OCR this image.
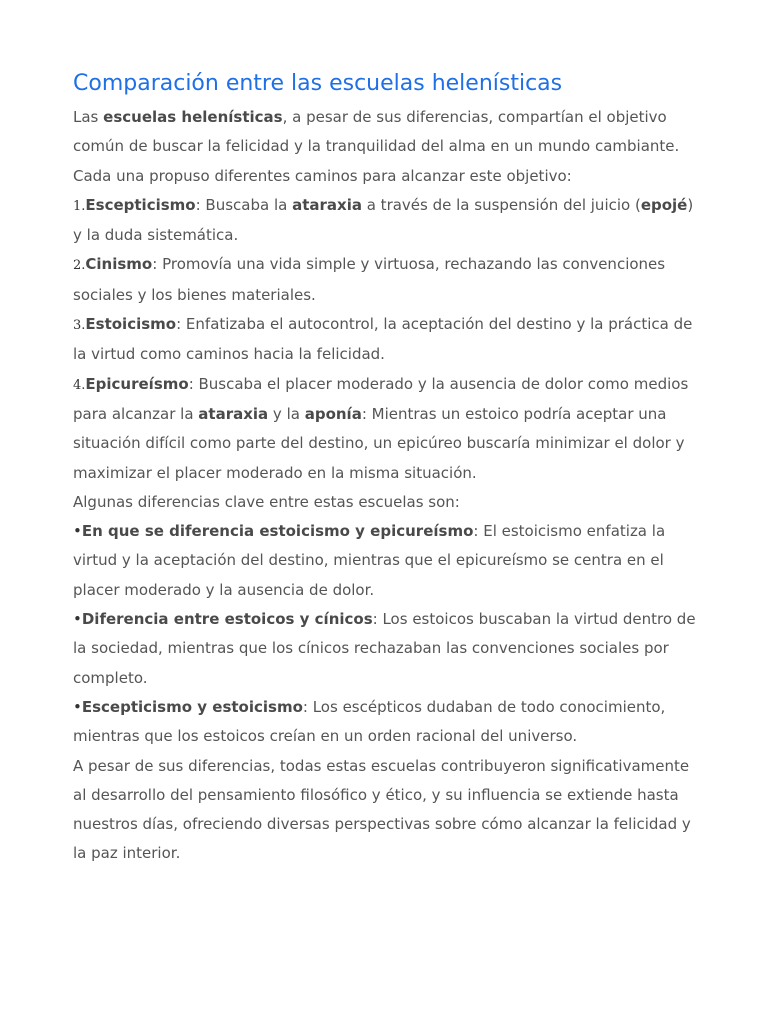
Comparación entre las escuelas helenísticas

Las escuelas helenísticas, a pesar de sus diferencias, compartían el objetivo común de buscar la felicidad y la tranquilidad del alma en un mundo cambiante. Cada una propuso diferentes caminos para alcanzar este objetivo:

1.Escepticismo: Buscaba la ataraxia a través de la suspensión del juicio (epojé) y la duda sistemática.

2.Cinismo: Promovía una vida simple y virtuosa, rechazando las convenciones sociales y los bienes materiales.

3.Estoicismo: Enfatizaba el autocontrol, la aceptación del destino y la práctica de la virtud como caminos hacia la felicidad.

4.Epicureísmo: Buscaba el placer moderado y la ausencia de dolor como medios para alcanzar la ataraxia y la aponía: Mientras un estoico podría aceptar una situación difícil como parte del destino, un epicúreo buscaría minimizar el dolor y maximizar el placer moderado en la misma situación.

Algunas diferencias clave entre estas escuelas son:

•En que se diferencia estoicismo y epicureísmo: El estoicismo enfatiza la virtud y la aceptación del destino, mientras que el epicureísmo se centra en el placer moderado y la ausencia de dolor.

•Diferencia entre estoicos y cínicos: Los estoicos buscaban la virtud dentro de la sociedad, mientras que los cínicos rechazaban las convenciones sociales por completo.

•Escepticismo y estoicismo: Los escépticos dudaban de todo conocimiento, mientras que los estoicos creían en un orden racional del universo.

A pesar de sus diferencias, todas estas escuelas contribuyeron significativamente al desarrollo del pensamiento filosófico y ético, y su influencia se extiende hasta nuestros días, ofreciendo diversas perspectivas sobre cómo alcanzar la felicidad y la paz interior.
